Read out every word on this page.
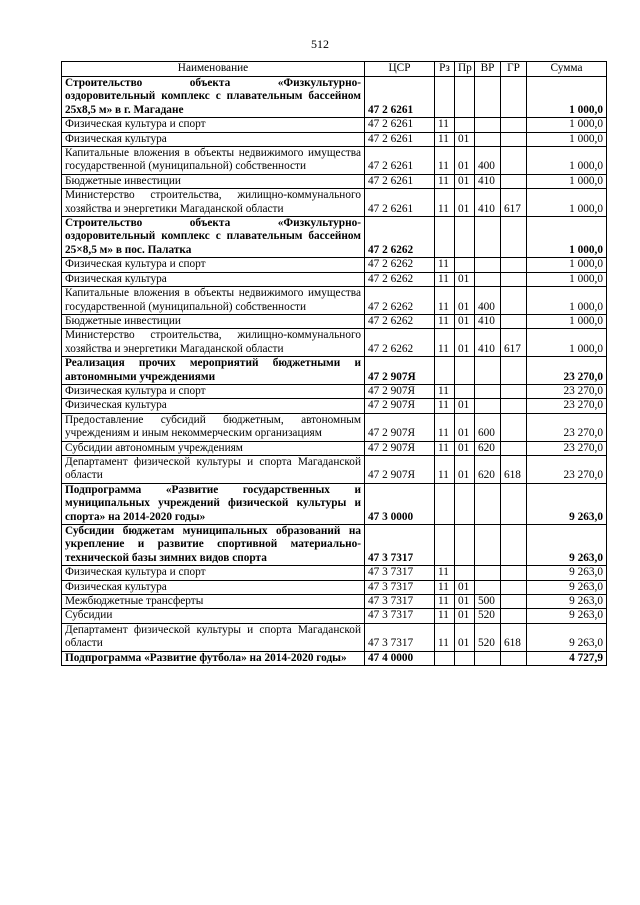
512
Наименование	ЦСР	Рз	Пр	ВР	ГР	Сумма
Строительство объекта «Физкультурно-оздоровительный комплекс с плавательным бассейном 25х8,5 м» в г. Магадане	47 2 6261					1 000,0
Физическая культура и спорт	47 2 6261	11				1 000,0
Физическая культура	47 2 6261	11	01			1 000,0
Капитальные вложения в объекты недвижимого имущества государственной (муниципальной) собственности	47 2 6261	11	01	400		1 000,0
Бюджетные инвестиции	47 2 6261	11	01	410		1 000,0
Министерство строительства, жилищно-коммунального хозяйства и энергетики Магаданской области	47 2 6261	11	01	410	617	1 000,0
Строительство объекта «Физкультурно-оздоровительный комплекс с плавательным бассейном 25×8,5 м» в пос. Палатка	47 2 6262					1 000,0
Физическая культура и спорт	47 2 6262	11				1 000,0
Физическая культура	47 2 6262	11	01			1 000,0
Капитальные вложения в объекты недвижимого имущества государственной (муниципальной) собственности	47 2 6262	11	01	400		1 000,0
Бюджетные инвестиции	47 2 6262	11	01	410		1 000,0
Министерство строительства, жилищно-коммунального хозяйства и энергетики Магаданской области	47 2 6262	11	01	410	617	1 000,0
Реализация прочих мероприятий бюджетными и автономными учреждениями	47 2 907Я					23 270,0
Физическая культура и спорт	47 2 907Я	11				23 270,0
Физическая культура	47 2 907Я	11	01			23 270,0
Предоставление субсидий бюджетным, автономным учреждениям и иным некоммерческим организациям	47 2 907Я	11	01	600		23 270,0
Субсидии автономным учреждениям	47 2 907Я	11	01	620		23 270,0
Департамент физической культуры и спорта Магаданской области	47 2 907Я	11	01	620	618	23 270,0
Подпрограмма «Развитие государственных и муниципальных учреждений физической культуры и спорта» на 2014-2020 годы»	47 3 0000					9 263,0
Субсидии бюджетам муниципальных образований на укрепление и развитие спортивной материально-технической базы зимних видов спорта	47 3 7317					9 263,0
Физическая культура и спорт	47 3 7317	11				9 263,0
Физическая культура	47 3 7317	11	01			9 263,0
Межбюджетные трансферты	47 3 7317	11	01	500		9 263,0
Субсидии	47 3 7317	11	01	520		9 263,0
Департамент физической культуры и спорта Магаданской области	47 3 7317	11	01	520	618	9 263,0
Подпрограмма «Развитие футбола» на 2014-2020 годы»	47 4 0000					4 727,9
